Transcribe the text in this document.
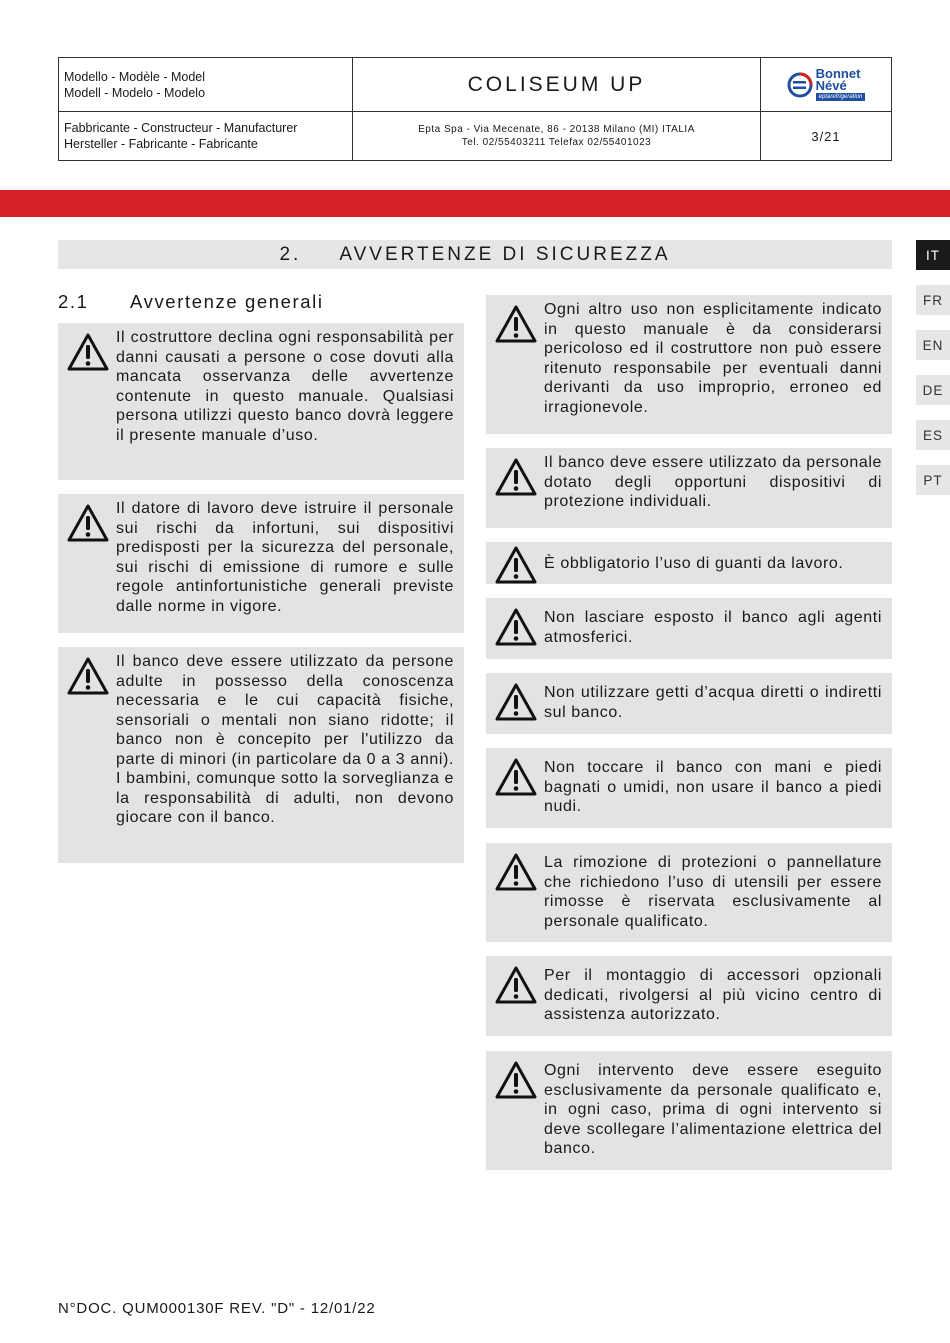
Modello - Modèle - Model
Modell - Modelo - Modelo	COLISEUM UP	Bonnet
Névé
eptarefrigeration
Fabbricante - Constructeur - Manufacturer
Hersteller - Fabricante - Fabricante
Epta Spa - Via Mecenate, 86 - 20138 Milano (MI) ITALIA
Tel. 02/55403211 Telefax 02/55401023	3/21
2. AVVERTENZE DI SICUREZZA	IT
FR
EN
DE
ES
PT
2.1 Avvertenze generali

Il costruttore declina ogni responsabilità per danni causati a persone o cose dovuti alla mancata osservanza delle avvertenze contenute in questo manuale. Qualsiasi persona utilizzi questo banco dovrà leggere il presente manuale d’uso.

Il datore di lavoro deve istruire il personale sui rischi da infortuni, sui dispositivi predisposti per la sicurezza del personale, sui rischi di emissione di rumore e sulle regole antinfortunistiche generali previste dalle norme in vigore.

Il banco deve essere utilizzato da persone adulte in possesso della conoscenza necessaria e le cui capacità fisiche, sensoriali o mentali non siano ridotte; il banco non è concepito per l'utilizzo da parte di minori (in particolare da 0 a 3 anni). I bambini, comunque sotto la sorveglianza e la responsabilità di adulti, non devono giocare con il banco.

Ogni altro uso non esplicitamente indicato in questo manuale è da considerarsi pericoloso ed il costruttore non può essere ritenuto responsabile per eventuali danni derivanti da uso improprio, erroneo ed irragionevole.

Il banco deve essere utilizzato da personale dotato degli opportuni dispositivi di protezione individuali.

È obbligatorio l’uso di guanti da lavoro.

Non lasciare esposto il banco agli agenti atmosferici.

Non utilizzare getti d’acqua diretti o indiretti sul banco.

Non toccare il banco con mani e piedi bagnati o umidi, non usare il banco a piedi nudi.

La rimozione di protezioni o pannellature che richiedono l’uso di utensili per essere rimosse è riservata esclusivamente al personale qualificato.

Per il montaggio di accessori opzionali dedicati, rivolgersi al più vicino centro di assistenza autorizzato.

Ogni intervento deve essere eseguito esclusivamente da personale qualificato e, in ogni caso, prima di ogni intervento si deve scollegare l’alimentazione elettrica del banco.

N°DOC. QUM000130F REV. "D" - 12/01/22
